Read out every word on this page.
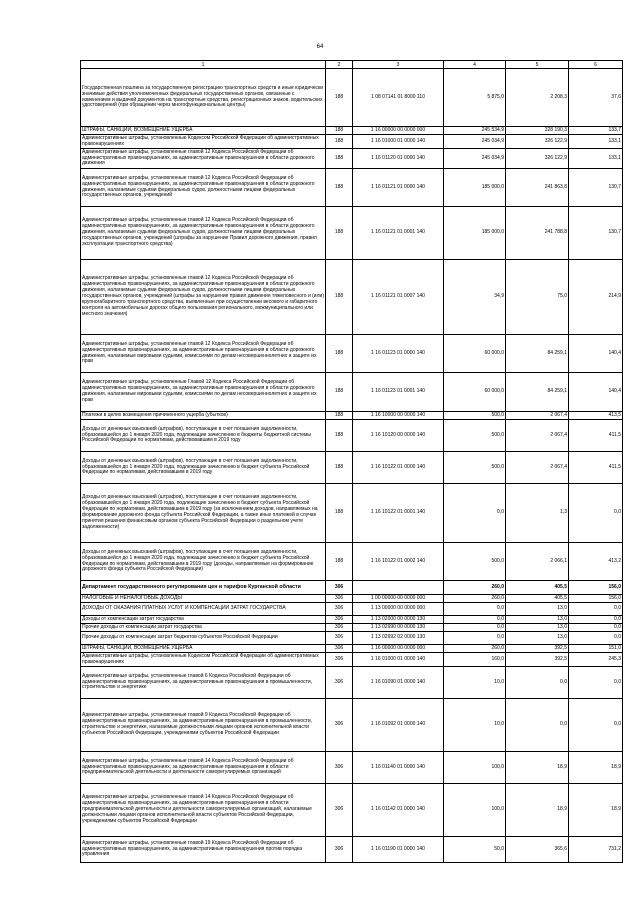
64
1	2	3	4	5	6
Государственная пошлина за государственную регистрацию транспортных средств и иные юридически значимые действия уполномоченных федеральных государственных органов, связанные с изменением и выдачей документов на транспортные средства, регистрационных знаков, водительских удостоверений (при обращении через многофункциональные центры)	188	1 08 07141 01 8000 110	5 875,0	2 208,3	37,6
ШТРАФЫ, САНКЦИИ, ВОЗМЕЩЕНИЕ УЩЕРБА	188	1 16 00000 00 0000 000	245 534,9	328 190,3	133,7
Административные штрафы, установленные Кодексом Российской Федерации об административных правонарушениях	188	1 16 01000 01 0000 140	245 034,9	326 122,9	133,1
Административные штрафы, установленные главой 12 Кодекса Российской Федерации об административных правонарушениях, за административные правонарушения в области дорожного движения	188	1 16 01120 01 0000 140	245 034,9	326 122,9	133,1
Административные штрафы, установленные главой 12 Кодекса Российской Федерации об административных правонарушениях, за административные правонарушения в области дорожного движения, налагаемые судьями федеральных судов, должностными лицами федеральных государственных органов, учреждений	188	1 16 01121 01 0000 140	185 000,0	241 863,8	130,7
Административные штрафы, установленные главой 12 Кодекса Российской Федерации об административных правонарушениях, за административные правонарушения в области дорожного движения, налагаемые судьями федеральных судов, должностными лицами федеральных государственных органов, учреждений (штрафы за нарушение Правил дорожного движения, правил эксплуатации транспортного средства)	188	1 16 01121 01 0001 140	185 000,0	241 788,8	130,7
Административные штрафы, установленные главой 12 Кодекса Российской Федерации об административных правонарушениях, за административные правонарушения в области дорожного движения, налагаемые судьями федеральных судов, должностными лицами федеральных государственных органов, учреждений (штрафы за нарушение правил движения тяжеловесного и (или) крупногабаритного транспортного средства, выявленные при осуществлении весового и габаритного контроля на автомобильных дорогах общего пользования регионального, межмуниципального или местного значения)	188	1 16 01121 01 0007 140	34,9	75,0	214,9
Административные штрафы, установленные главой 12 Кодекса Российской Федерации об административных правонарушениях, за административные правонарушения в области дорожного движения, налагаемые мировыми судьями, комиссиями по делам несовершеннолетних и защите их прав	188	1 16 01123 01 0000 140	60 000,0	84 259,1	140,4
Административные штрафы, установленные Главой 12 Кодекса Российской Федерации об административных правонарушениях, за административные правонарушения в области дорожного движения, налагаемые мировыми судьями, комиссиями по делам несовершеннолетних и защите их прав	188	1 16 01123 01 0001 140	60 000,0	84 259,1	140,4
Платежи в целях возмещения причиненного ущерба (убытков)	188	1 16 10000 00 0000 140	500,0	2 067,4	413,5
Доходы от денежных взысканий (штрафов), поступающие в счет погашения задолженности, образовавшейся до 1 января 2020 года, подлежащие зачислению в бюджеты бюджетной системы Российской Федерации по нормативам, действовавшим в 2019 году	188	1 16 10120 00 0000 140	500,0	2 067,4	411,5
Доходы от денежных взысканий (штрафов), поступающие в счет погашения задолженности, образовавшейся до 1 января 2020 года, подлежащие зачислению в бюджет субъекта Российской Федерации по нормативам, действовавшим в 2019 году	188	1 16 10122 01 0000 140	500,0	2 067,4	411,5
Доходы от денежных взысканий (штрафов), поступающие в счет погашения задолженности, образовавшейся до 1 января 2020 года, подлежащие зачислению в бюджет субъекта Российской Федерации по нормативам, действовавшим в 2019 году (за исключением доходов, направляемых на формирование дорожного фонда субъекта Российской Федерации, а также иных платежей в случае принятия решения финансовым органом субъекта Российской Федерации о раздельном учете задолженности)	188	1 16 10122 01 0001 140	0,0	1,3	0,0
Доходы от денежных взысканий (штрафов), поступающие в счет погашения задолженности, образовавшейся до 1 января 2020 года, подлежащие зачислению в бюджет субъекта Российской Федерации по нормативам, действовавшим в 2019 году (доходы, направляемые на формирование дорожного фонда субъекта Российской Федерации)	188	1 16 10122 01 0002 140	500,0	2 066,1	413,2
Департамент государственного регулирования цен и тарифов Курганской области	306		260,0	405,5	156,0
НАЛОГОВЫЕ И НЕНАЛОГОВЫЕ ДОХОДЫ	306	1 00 00000 00 0000 000	260,0	405,5	156,0
ДОХОДЫ ОТ ОКАЗАНИЯ ПЛАТНЫХ УСЛУГ И КОМПЕНСАЦИИ ЗАТРАТ ГОСУДАРСТВА	306	1 13 00000 00 0000 000	0,0	13,0	0,0
Доходы от компенсации затрат государства	306	1 13 02000 00 0000 130	0,0	13,0	0,0
Прочие доходы от компенсации затрат государства	306	1 13 02990 00 0000 130	0,0	13,0	0,0
Прочие доходы от компенсации затрат бюджетов субъектов Российской Федерации	306	1 13 02992 02 0000 130	0,0	13,0	0,0
ШТРАФЫ, САНКЦИИ, ВОЗМЕЩЕНИЕ УЩЕРБА	306	1 16 00000 00 0000 000	260,0	392,5	151,0
Административные штрафы, установленные Кодексом Российской Федерации об административных правонарушениях	306	1 16 01000 01 0000 140	160,0	392,5	245,3
Административные штрафы, установленные главой 6 Кодекса Российской Федерации об административных правонарушениях, за административные правонарушения в промышленности, строительстве и энергетике	306	1 16 01090 01 0000 140	10,0	0,0	0,0
Административные штрафы, установленные главой 9 Кодекса Российской Федерации об административных правонарушениях, за административные правонарушения в промышленности, строительстве и энергетике, налагаемые должностными лицами органов исполнительной власти субъектов Российской Федерации, учреждениями субъектов Российской Федерации	306	1 16 01092 01 0000 140	10,0	0,0	0,0
Административные штрафы, установленные главой 14 Кодекса Российской Федерации об административных правонарушениях, за административные правонарушения в области предпринимательской деятельности и деятельности саморегулируемых организаций	306	1 16 01140 01 0000 140	100,0	18,9	18,9
Административные штрафы, установленные главой 14 Кодекса Российской Федерации об административных правонарушениях, за административные правонарушения в области предпринимательской деятельности и деятельности саморегулируемых организаций, налагаемые должностными лицами органов исполнительной власти субъектов Российской Федерации, учреждениями субъектов Российской Федерации	306	1 16 01142 01 0000 140	100,0	18,9	18,9
Административные штрафы, установленные главой 19 Кодекса Российской Федерации об административных правонарушениях, за административные правонарушения против порядка управления	306	1 16 01190 01 0000 140	50,0	365,6	731,2
